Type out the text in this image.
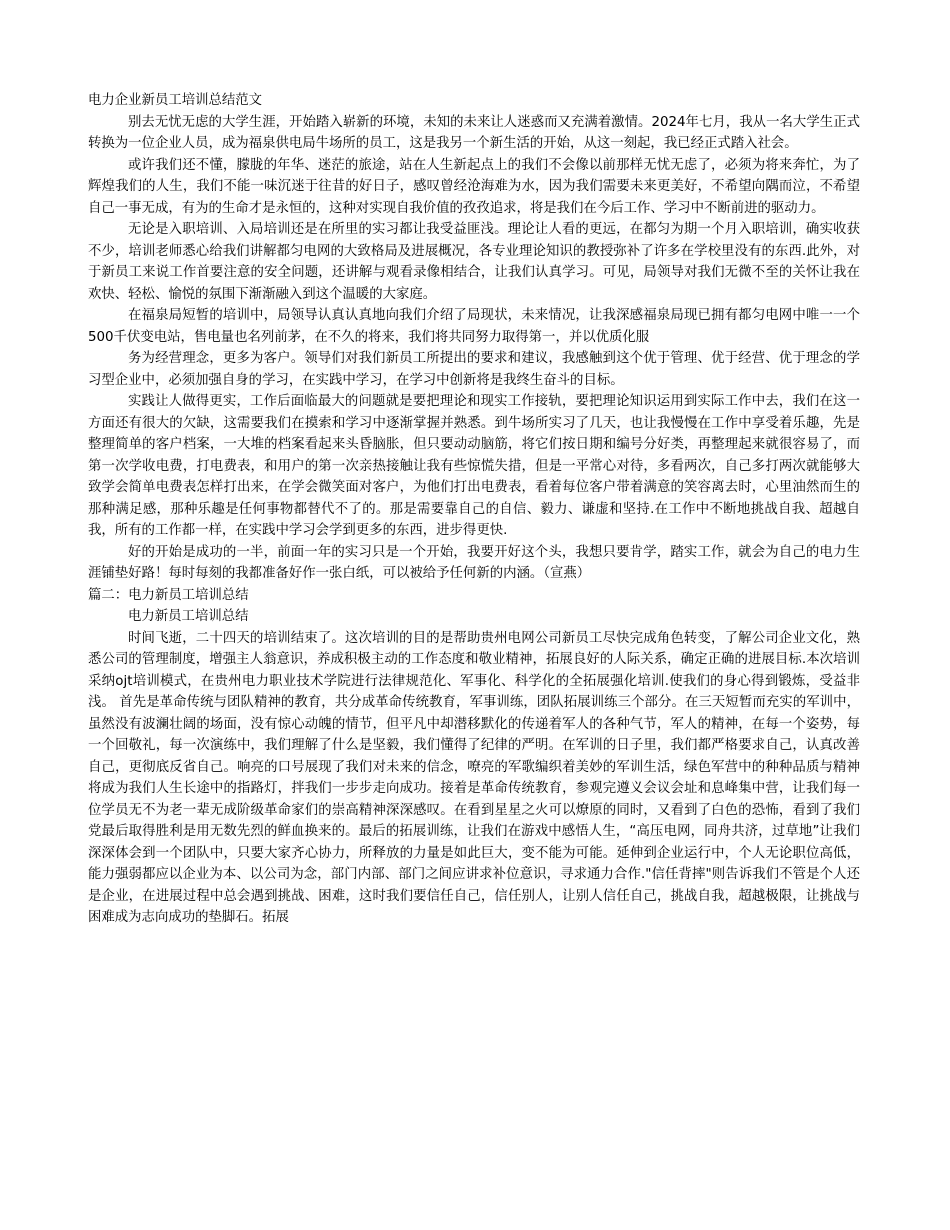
电力企业新员工培训总结范文

别去无忧无虑的大学生涯，开始踏入崭新的环境，未知的未来让人迷惑而又充满着激情。2024年七月，我从一名大学生正式转换为一位企业人员，成为福泉供电局牛场所的员工，这是我另一个新生活的开始，从这一刻起，我已经正式踏入社会。

或许我们还不懂，朦胧的年华、迷茫的旅途，站在人生新起点上的我们不会像以前那样无忧无虑了，必须为将来奔忙，为了辉煌我们的人生，我们不能一味沉迷于往昔的好日子，感叹曾经沧海难为水，因为我们需要未来更美好，不希望向隅而泣，不希望自己一事无成，有为的生命才是永恒的，这种对实现自我价值的孜孜追求，将是我们在今后工作、学习中不断前进的驱动力。

无论是入职培训、入局培训还是在所里的实习都让我受益匪浅。理论让人看的更远，在都匀为期一个月入职培训，确实收获不少，培训老师悉心给我们讲解都匀电网的大致格局及进展概况，各专业理论知识的教授弥补了许多在学校里没有的东西.此外，对于新员工来说工作首要注意的安全问题，还讲解与观看录像相结合，让我们认真学习。可见，局领导对我们无微不至的关怀让我在欢快、轻松、愉悦的氛围下渐渐融入到这个温暖的大家庭。

在福泉局短暂的培训中，局领导认真认真地向我们介绍了局现状，未来情况，让我深感福泉局现已拥有都匀电网中唯一一个500千伏变电站，售电量也名列前茅，在不久的将来，我们将共同努力取得第一，并以优质化服

务为经营理念，更多为客户。领导们对我们新员工所提出的要求和建议，我感触到这个优于管理、优于经营、优于理念的学习型企业中，必须加强自身的学习，在实践中学习，在学习中创新将是我终生奋斗的目标。

实践让人做得更实，工作后面临最大的问题就是要把理论和现实工作接轨，要把理论知识运用到实际工作中去，我们在这一方面还有很大的欠缺，这需要我们在摸索和学习中逐渐掌握并熟悉。到牛场所实习了几天，也让我慢慢在工作中享受着乐趣，先是整理简单的客户档案，一大堆的档案看起来头昏脑胀，但只要动动脑筋，将它们按日期和编号分好类，再整理起来就很容易了，而第一次学收电费，打电费表，和用户的第一次亲热接触让我有些惊慌失措，但是一平常心对待，多看两次，自己多打两次就能够大致学会简单电费表怎样打出来，在学会微笑面对客户，为他们打出电费表，看着每位客户带着满意的笑容离去时，心里油然而生的那种满足感，那种乐趣是任何事物都替代不了的。那是需要靠自己的自信、毅力、谦虚和坚持.在工作中不断地挑战自我、超越自我，所有的工作都一样，在实践中学习会学到更多的东西，进步得更快.

好的开始是成功的一半，前面一年的实习只是一个开始，我要开好这个头，我想只要肯学，踏实工作，就会为自己的电力生涯铺垫好路！每时每刻的我都准备好作一张白纸，可以被给予任何新的内涵。（宣燕）

篇二：电力新员工培训总结

电力新员工培训总结

时间飞逝，二十四天的培训结束了。这次培训的目的是帮助贵州电网公司新员工尽快完成角色转变，了解公司企业文化，熟悉公司的管理制度，增强主人翁意识，养成积极主动的工作态度和敬业精神，拓展良好的人际关系，确定正确的进展目标.本次培训采纳ojt培训模式，在贵州电力职业技术学院进行法律规范化、军事化、科学化的全拓展强化培训.使我们的身心得到锻炼，受益非浅。 首先是革命传统与团队精神的教育，共分成革命传统教育，军事训练，团队拓展训练三个部分。在三天短暂而充实的军训中，虽然没有波澜壮阔的场面，没有惊心动魄的情节，但平凡中却潜移默化的传递着军人的各种气节，军人的精神，在每一个姿势，每一个回敬礼，每一次演练中，我们理解了什么是坚毅，我们懂得了纪律的严明。在军训的日子里，我们都严格要求自己，认真改善自己，更彻底反省自己。响亮的口号展现了我们对未来的信念，嘹亮的军歌编织着美妙的军训生活，绿色军营中的种种品质与精神将成为我们人生长途中的指路灯，拌我们一步步走向成功。接着是革命传统教育，参观完遵义会议会址和息峰集中营，让我们每一位学员无不为老一辈无成阶级革命家们的崇高精神深深感叹。在看到星星之火可以燎原的同时，又看到了白色的恐怖，看到了我们党最后取得胜利是用无数先烈的鲜血换来的。最后的拓展训练，让我们在游戏中感悟人生，“高压电网，同舟共济，过草地”让我们深深体会到一个团队中，只要大家齐心协力，所释放的力量是如此巨大，变不能为可能。延伸到企业运行中，个人无论职位高低，能力强弱都应以企业为本、以公司为念，部门内部、部门之间应讲求补位意识，寻求通力合作."信任背摔"则告诉我们不管是个人还是企业，在进展过程中总会遇到挑战、困难，这时我们要信任自己，信任别人，让别人信任自己，挑战自我，超越极限，让挑战与困难成为志向成功的垫脚石。拓展
